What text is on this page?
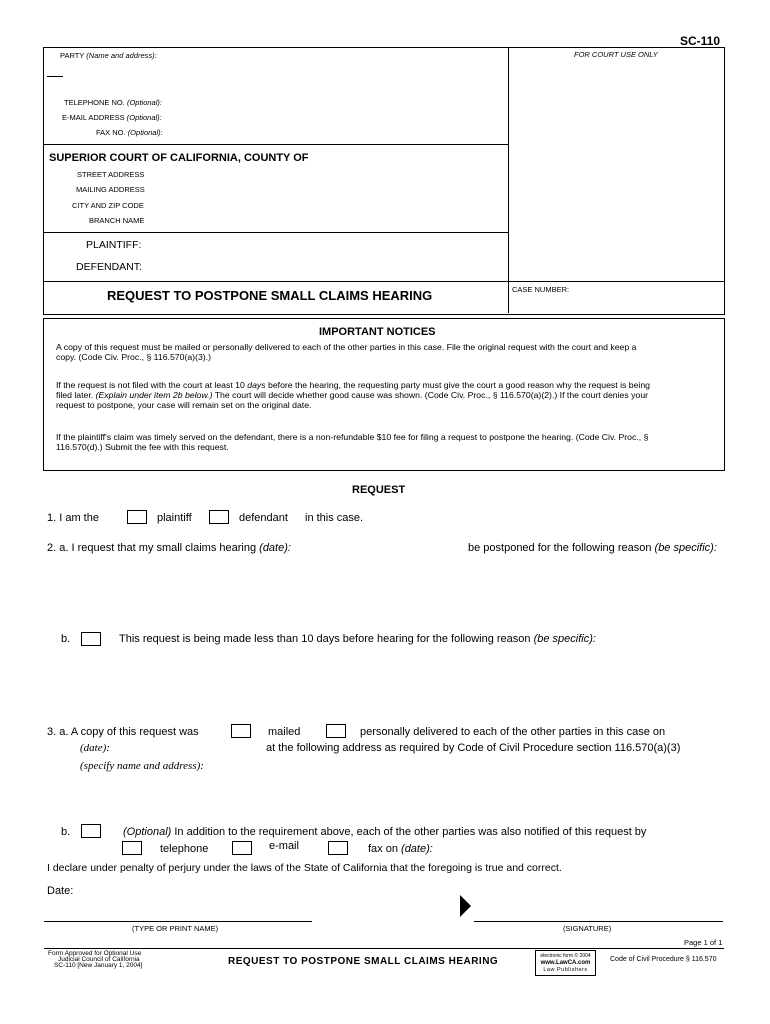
SC-110
PARTY (Name and address):	FOR COURT USE ONLY
TELEPHONE NO. (Optional):
E-MAIL ADDRESS (Optional):
FAX NO. (Optional):
SUPERIOR COURT OF CALIFORNIA, COUNTY OF
STREET ADDRESS
MAILING ADDRESS
CITY AND ZIP CODE
BRANCH NAME
PLAINTIFF:
DEFENDANT:
REQUEST TO POSTPONE SMALL CLAIMS HEARING	CASE NUMBER:
IMPORTANT NOTICES
A copy of this request must be mailed or personally delivered to each of the other parties in this case. File the original request with the court and keep a copy. (Code Civ. Proc., § 116.570(a)(3).)
If the request is not filed with the court at least 10 days before the hearing, the requesting party must give the court a good reason why the request is being filed later. (Explain under item 2b below.) The court will decide whether good cause was shown. (Code Civ. Proc., § 116.570(a)(2).) If the court denies your request to postpone, your case will remain set on the original date.
If the plaintiff's claim was timely served on the defendant, there is a non-refundable $10 fee for filing a request to postpone the hearing. (Code Civ. Proc., § 116.570(d).) Submit the fee with this request.
REQUEST
1. I am the	plaintiff	defendant in this case.
2. a. I request that my small claims hearing (date):	be postponed for the following reason (be specific):
b.	This request is being made less than 10 days before hearing for the following reason (be specific):
3. a. A copy of this request was	mailed	personally delivered to each of the other parties in this case on
(date):	at the following address as required by Code of Civil Procedure section 116.570(a)(3)
(specify name and address):
b.	(Optional) In addition to the requirement above, each of the other parties was also notified of this request by
telephone	e-mail	fax on (date):
I declare under penalty of perjury under the laws of the State of California that the foregoing is true and correct.
Date:
(TYPE OR PRINT NAME)	(SIGNATURE)
Page 1 of 1
Form Approved for Optional Use
Judicial Council of California
SC-110 [New January 1, 2004]	REQUEST TO POSTPONE SMALL CLAIMS HEARING	electronic form © 2004
www.LawCA.com
Law Publishers
Code of Civil Procedure § 116.570
